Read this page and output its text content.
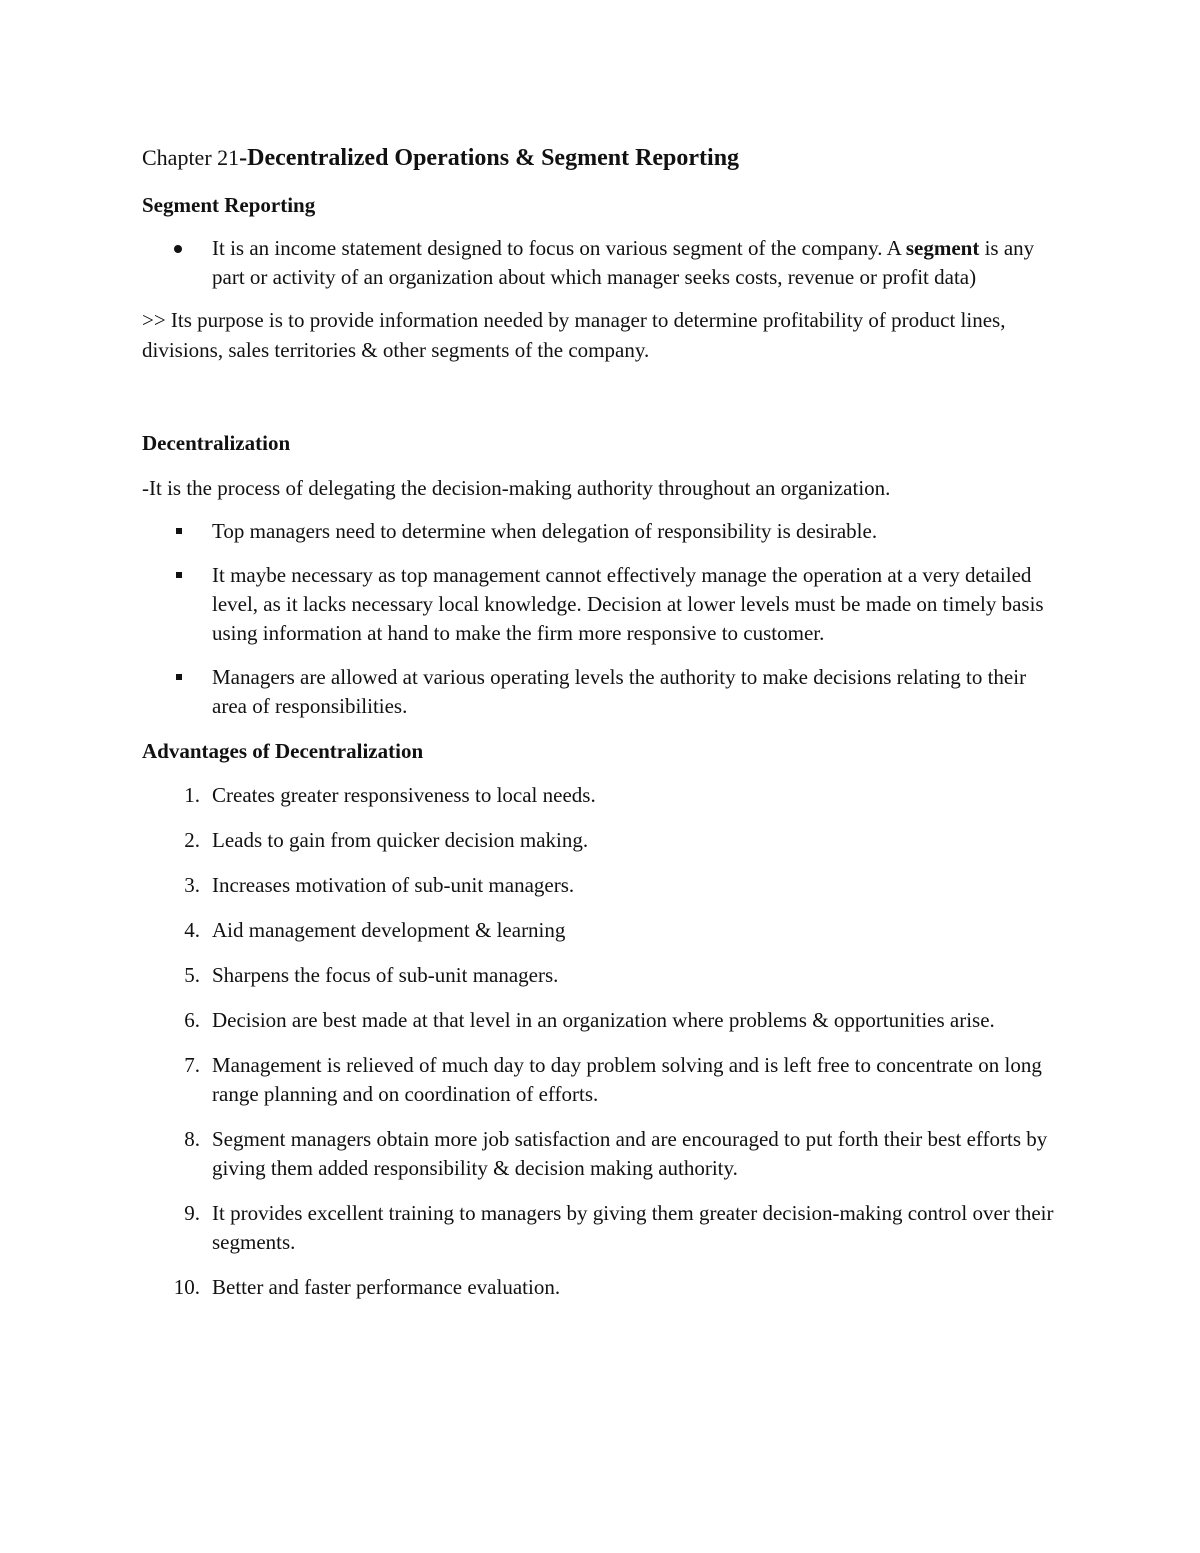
Chapter 21-Decentralized Operations & Segment Reporting
Segment Reporting
It is an income statement designed to focus on various segment of the company. A segment is any part or activity of an organization about which manager seeks costs, revenue or profit data)

>> Its purpose is to provide information needed by manager to determine profitability of product lines, divisions, sales territories & other segments of the company.

Decentralization

-It is the process of delegating the decision-making authority throughout an organization.

Top managers need to determine when delegation of responsibility is desirable.
It maybe necessary as top management cannot effectively manage the operation at a very detailed level, as it lacks necessary local knowledge. Decision at lower levels must be made on timely basis using information at hand to make the firm more responsive to customer.
Managers are allowed at various operating levels the authority to make decisions relating to their area of responsibilities.
Advantages of Decentralization
1. Creates greater responsiveness to local needs.
2. Leads to gain from quicker decision making.
3. Increases motivation of sub-unit managers.
4. Aid management development & learning
5. Sharpens the focus of sub-unit managers.
6. Decision are best made at that level in an organization where problems & opportunities arise.
7. Management is relieved of much day to day problem solving and is left free to concentrate on long range planning and on coordination of efforts.
8. Segment managers obtain more job satisfaction and are encouraged to put forth their best efforts by giving them added responsibility & decision making authority.
9. It provides excellent training to managers by giving them greater decision-making control over their segments.
10. Better and faster performance evaluation.
